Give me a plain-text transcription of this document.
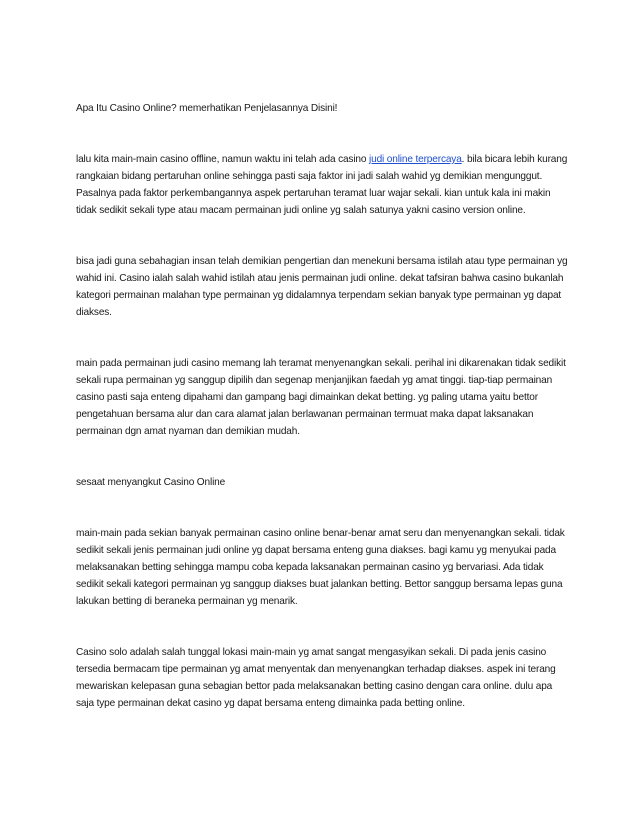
Apa Itu Casino Online? memerhatikan Penjelasannya Disini!

lalu kita main-main casino offline, namun waktu ini telah ada casino judi online terpercaya. bila bicara lebih kurang rangkaian bidang pertaruhan online sehingga pasti saja faktor ini jadi salah wahid yg demikian mengunggut. Pasalnya pada faktor perkembangannya aspek pertaruhan teramat luar wajar sekali. kian untuk kala ini makin tidak sedikit sekali type atau macam permainan judi online yg salah satunya yakni casino version online.

bisa jadi guna sebahagian insan telah demikian pengertian dan menekuni bersama istilah atau type permainan yg wahid ini. Casino ialah salah wahid istilah atau jenis permainan judi online. dekat tafsiran bahwa casino bukanlah kategori permainan malahan type permainan yg didalamnya terpendam sekian banyak type permainan yg dapat diakses.

main pada permainan judi casino memang lah teramat menyenangkan sekali. perihal ini dikarenakan tidak sedikit sekali rupa permainan yg sanggup dipilih dan segenap menjanjikan faedah yg amat tinggi. tiap-tiap permainan casino pasti saja enteng dipahami dan gampang bagi dimainkan dekat betting. yg paling utama yaitu bettor pengetahuan bersama alur dan cara alamat jalan berlawanan permainan termuat maka dapat laksanakan permainan dgn amat nyaman dan demikian mudah.

sesaat menyangkut Casino Online

main-main pada sekian banyak permainan casino online benar-benar amat seru dan menyenangkan sekali. tidak sedikit sekali jenis permainan judi online yg dapat bersama enteng guna diakses. bagi kamu yg menyukai pada melaksanakan betting sehingga mampu coba kepada laksanakan permainan casino yg bervariasi. Ada tidak sedikit sekali kategori permainan yg sanggup diakses buat jalankan betting. Bettor sanggup bersama lepas guna lakukan betting di beraneka permainan yg menarik.

Casino solo adalah salah tunggal lokasi main-main yg amat sangat mengasyikan sekali. Di pada jenis casino tersedia bermacam tipe permainan yg amat menyentak dan menyenangkan terhadap diakses. aspek ini terang mewariskan kelepasan guna sebagian bettor pada melaksanakan betting casino dengan cara online. dulu apa saja type permainan dekat casino yg dapat bersama enteng dimainka pada betting online.
